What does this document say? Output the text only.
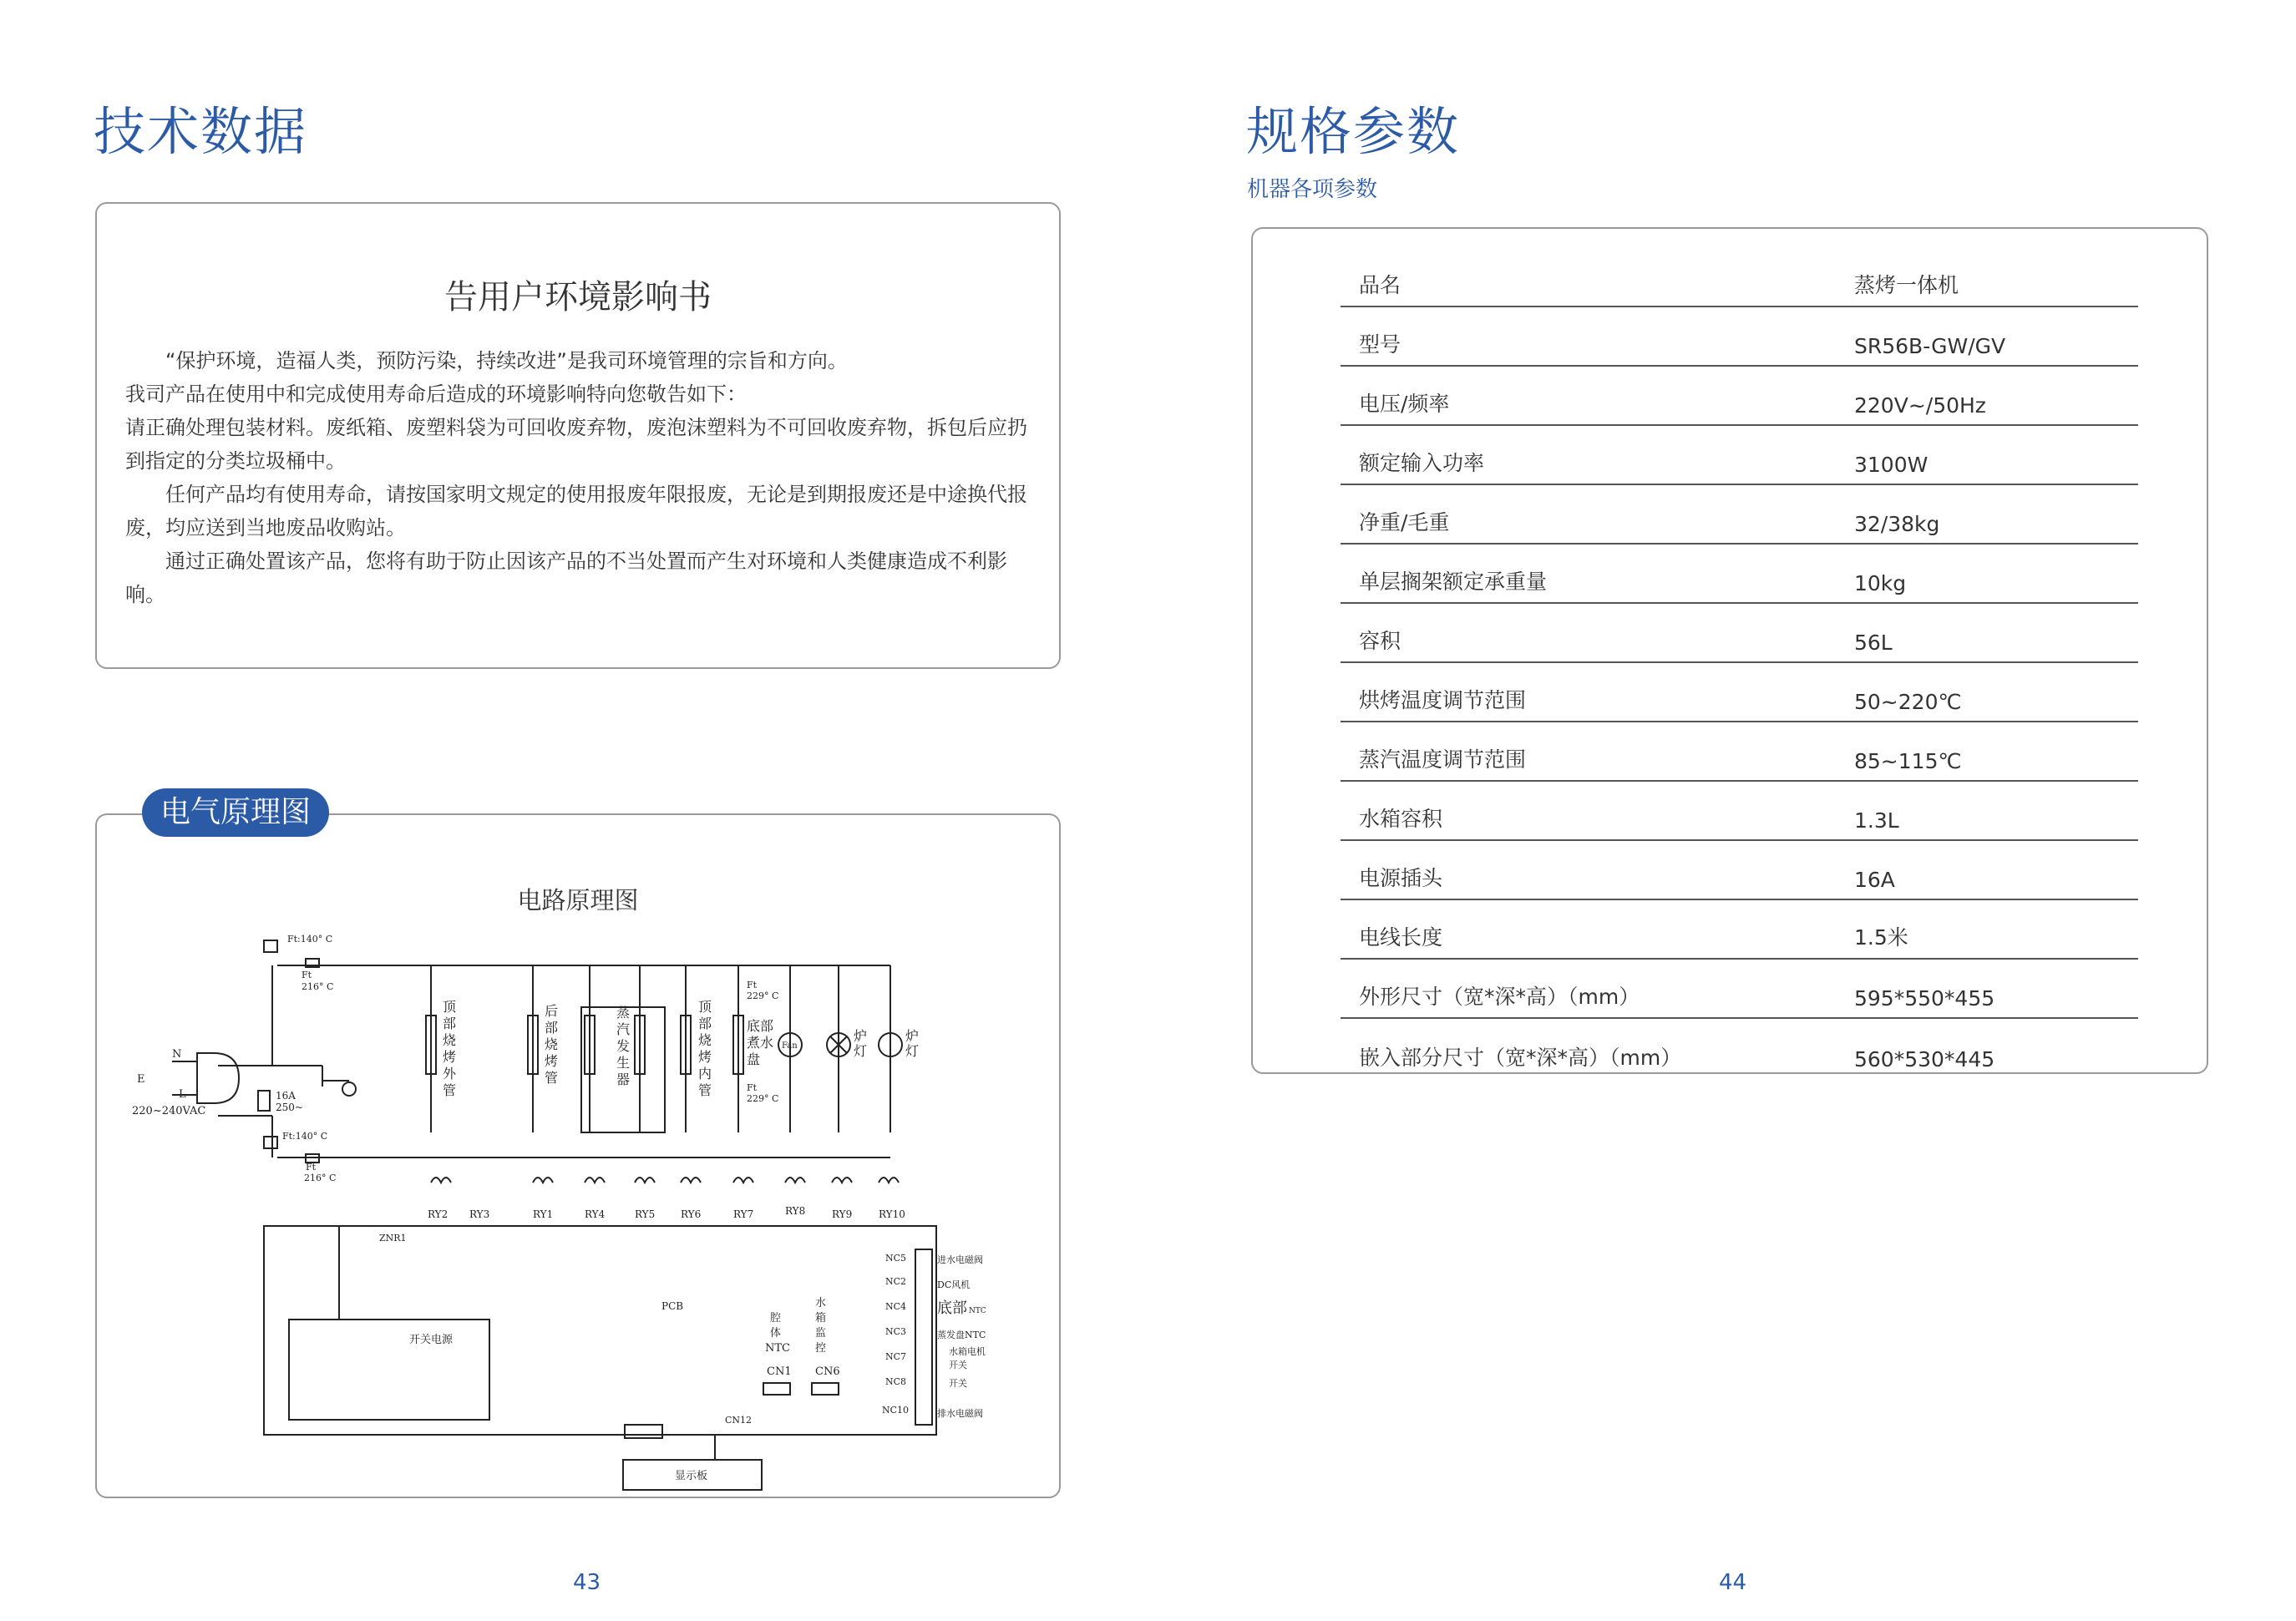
技术数据
告用户环境影响书

“保护环境，造福人类，预防污染，持续改进”是我司环境管理的宗旨和方向。

我司产品在使用中和完成使用寿命后造成的环境影响特向您敬告如下：

请正确处理包装材料。废纸箱、废塑料袋为可回收废弃物，废泡沫塑料为不可回收废弃物，拆包后应扔到指定的分类垃圾桶中。

任何产品均有使用寿命，请按国家明文规定的使用报废年限报废，无论是到期报废还是中途换代报废，均应送到当地废品收购站。

通过正确处置该产品，您将有助于防止因该产品的不当处置而产生对环境和人类健康造成不利影响。

电路原理图
Ft:140° C
Ft
216° C
N
E
L
220~240VAC
16A
250~
Ft:140° C
Ft
216° C
顶
部
烧
烤
外
管
后
部
烧
烤
管
蒸
汽
发
生
器
顶
部
烧
烤
内
管
底部
煮水
盘
炉
灯
炉
灯
Ft
229° C
Ft
229° C
Fan
RY2 RY3	RY1	RY4	RY5	RY6	RY7	RY8	RY9	RY10
ZNR1
开关电源
PCB
腔
体
NTC
CN1
水
箱
监
控
CN6
CN12
显示板
NC5
NC2
NC4
NC3
NC7
NC8
NC10
进水电磁阀
DC风机
底部 NTC
蒸发盘NTC
水箱电机
开关
开关
排水电磁阀
电气原理图
43
规格参数
机器各项参数
品名	蒸烤一体机
型号	SR56B-GW/GV
电压/频率	220V~/50Hz
额定输入功率	3100W
净重/毛重	32/38kg
单层搁架额定承重量	10kg
容积	56L
烘烤温度调节范围	50~220℃
蒸汽温度调节范围	85~115℃
水箱容积	1.3L
电源插头	16A
电线长度	1.5米
外形尺寸（宽*深*高）（mm）	595*550*455
嵌入部分尺寸（宽*深*高）（mm）	560*530*445
44
